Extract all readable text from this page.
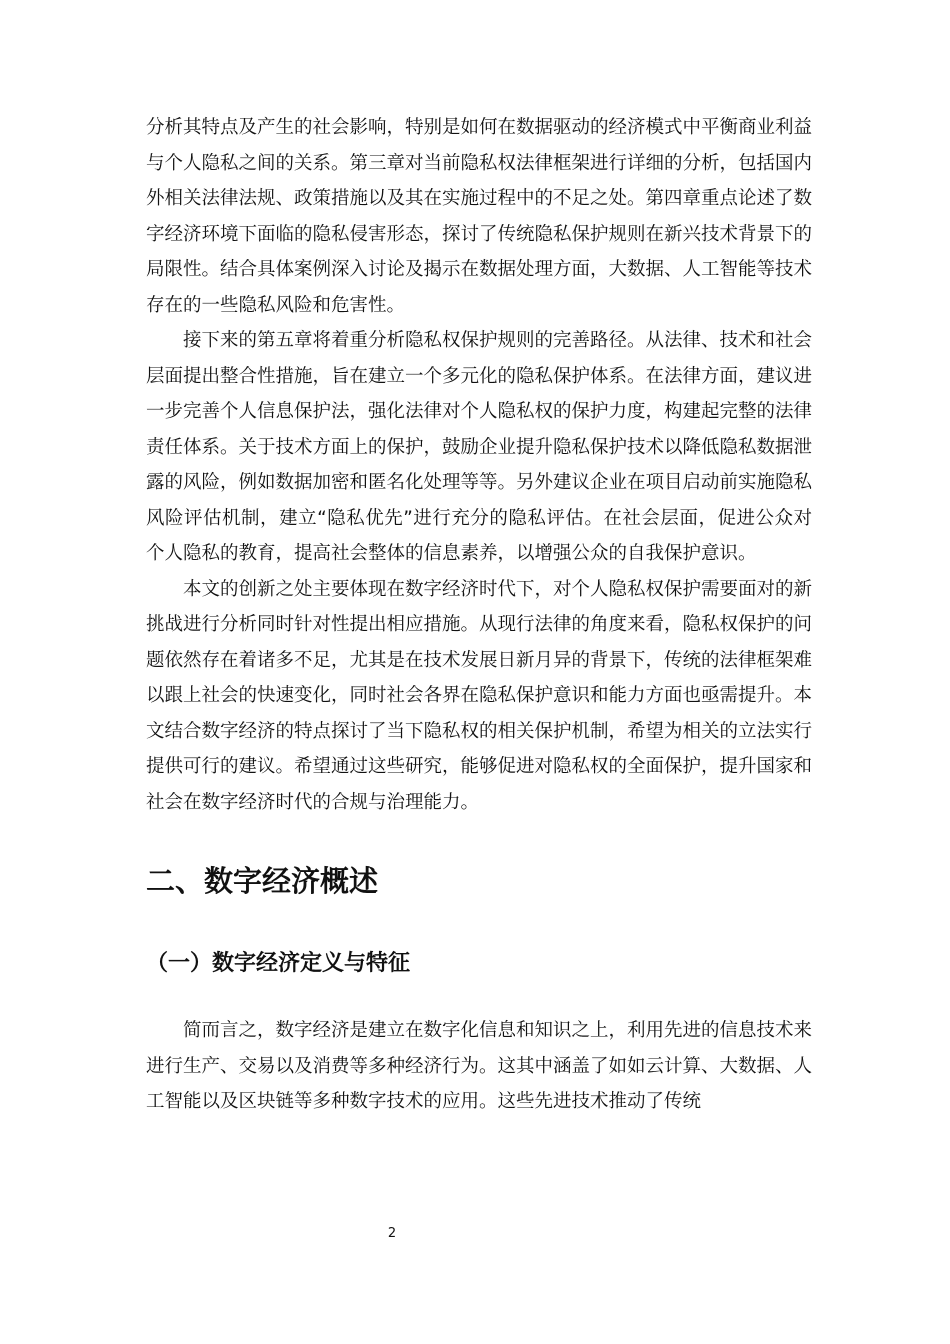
分析其特点及产生的社会影响，特别是如何在数据驱动的经济模式中平衡商业利益与个人隐私之间的关系。第三章对当前隐私权法律框架进行详细的分析，包括国内外相关法律法规、政策措施以及其在实施过程中的不足之处。第四章重点论述了数字经济环境下面临的隐私侵害形态，探讨了传统隐私保护规则在新兴技术背景下的局限性。结合具体案例深入讨论及揭示在数据处理方面，大数据、人工智能等技术存在的一些隐私风险和危害性。

接下来的第五章将着重分析隐私权保护规则的完善路径。从法律、技术和社会层面提出整合性措施，旨在建立一个多元化的隐私保护体系。在法律方面，建议进一步完善个人信息保护法，强化法律对个人隐私权的保护力度，构建起完整的法律责任体系。关于技术方面上的保护，鼓励企业提升隐私保护技术以降低隐私数据泄露的风险，例如数据加密和匿名化处理等等。另外建议企业在项目启动前实施隐私风险评估机制，建立“隐私优先”进行充分的隐私评估。在社会层面，促进公众对个人隐私的教育，提高社会整体的信息素养，以增强公众的自我保护意识。

本文的创新之处主要体现在数字经济时代下，对个人隐私权保护需要面对的新挑战进行分析同时针对性提出相应措施。从现行法律的角度来看，隐私权保护的问题依然存在着诸多不足，尤其是在技术发展日新月异的背景下，传统的法律框架难以跟上社会的快速变化，同时社会各界在隐私保护意识和能力方面也亟需提升。本文结合数字经济的特点探讨了当下隐私权的相关保护机制，希望为相关的立法实行提供可行的建议。希望通过这些研究，能够促进对隐私权的全面保护，提升国家和社会在数字经济时代的合规与治理能力。

二、数字经济概述
（一）数字经济定义与特征

简而言之，数字经济是建立在数字化信息和知识之上，利用先进的信息技术来进行生产、交易以及消费等多种经济行为。这其中涵盖了如如云计算、大数据、人工智能以及区块链等多种数字技术的应用。这些先进技术推动了传统

2
